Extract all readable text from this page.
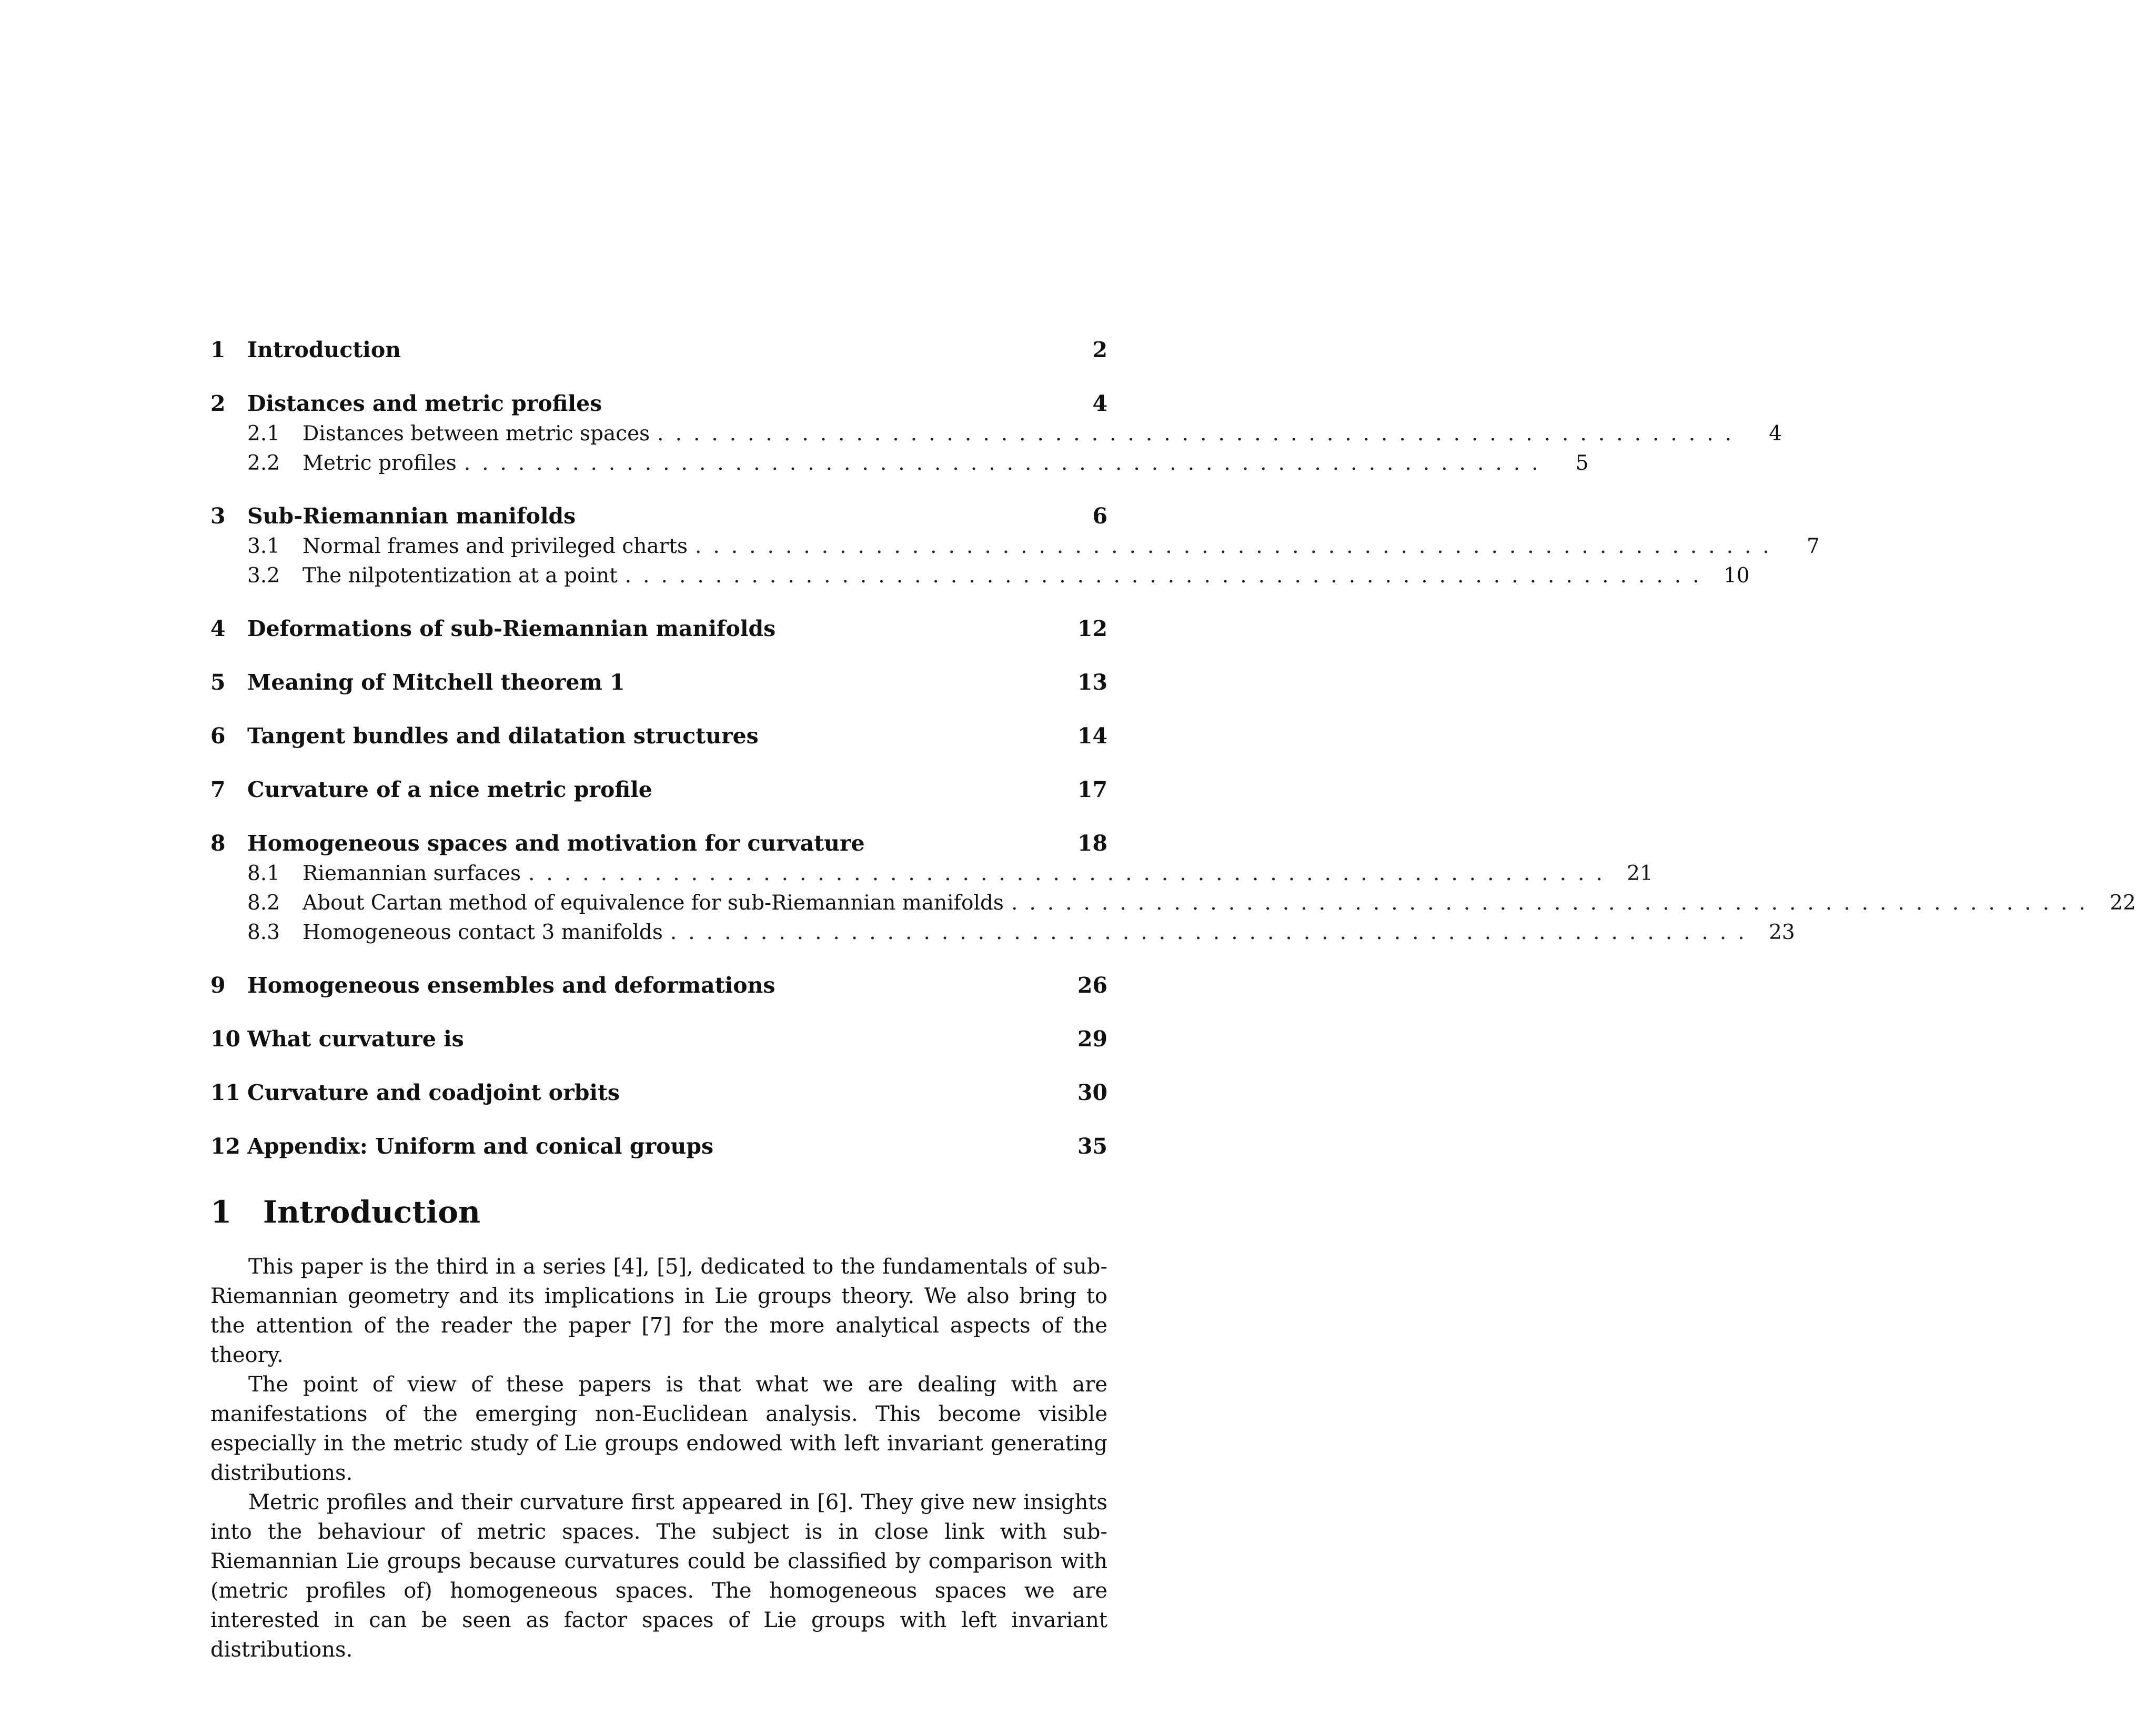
1	Introduction	2
2	Distances and metric profiles	4
2.1	Distances between metric spaces ............................................................	4
2.2	Metric profiles ............................................................	5
3	Sub-Riemannian manifolds	6
3.1	Normal frames and privileged charts ............................................................	7
3.2	The nilpotentization at a point ............................................................ 10
4	Deformations of sub-Riemannian manifolds	12
5	Meaning of Mitchell theorem 1	13
6	Tangent bundles and dilatation structures	14
7	Curvature of a nice metric profile	17
8	Homogeneous spaces and motivation for curvature	18
8.1	Riemannian surfaces ............................................................ 21
8.2	About Cartan method of equivalence for sub-Riemannian manifolds ............................................................ 22
8.3	Homogeneous contact 3 manifolds ............................................................ 23
9	Homogeneous ensembles and deformations	26
10 What curvature is	29
11 Curvature and coadjoint orbits	30
12 Appendix: Uniform and conical groups	35
1	Introduction

This paper is the third in a series [4], [5], dedicated to the fundamentals of sub-Riemannian geometry and its implications in Lie groups theory. We also bring to the attention of the reader the paper [7] for the more analytical aspects of the theory.

The point of view of these papers is that what we are dealing with are manifestations of the emerging non-Euclidean analysis. This become visible especially in the metric study of Lie groups endowed with left invariant generating distributions.

Metric profiles and their curvature first appeared in [6]. They give new insights into the behaviour of metric spaces. The subject is in close link with sub-Riemannian Lie groups because curvatures could be classified by comparison with (metric profiles of) homogeneous spaces. The homogeneous spaces we are interested in can be seen as factor spaces of Lie groups with left invariant distributions.
